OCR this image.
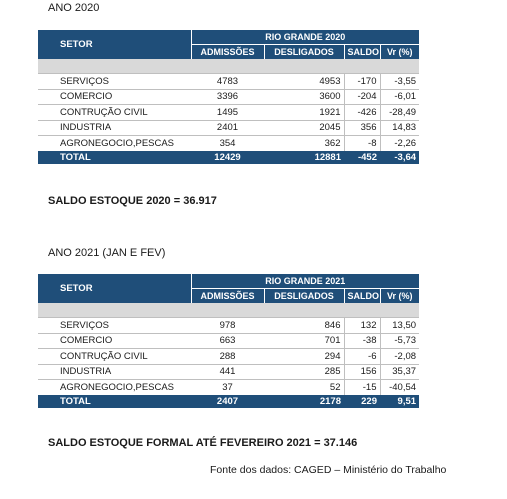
ANO 2020
SETOR	RIO GRANDE 2020			
	ADMISSÕES	DESLIGADOS	SALDO	Vr (%)

SERVIÇOS	4783	4953	-170	-3,55
COMERCIO	3396	3600	-204	-6,01
CONTRUÇÃO CIVIL	1495	1921	-426	-28,49
INDUSTRIA	2401	2045	356	14,83
AGRONEGOCIO,PESCAS	354	362	-8	-2,26
TOTAL	12429	12881	-452	-3,64
SALDO ESTOQUE 2020 = 36.917
ANO 2021 (JAN E FEV)
SETOR	RIO GRANDE 2021			
	ADMISSÕES	DESLIGADOS	SALDO	Vr (%)

SERVIÇOS	978	846	132	13,50
COMERCIO	663	701	-38	-5,73
CONTRUÇÃO CIVIL	288	294	-6	-2,08
INDUSTRIA	441	285	156	35,37
AGRONEGOCIO,PESCAS	37	52	-15	-40,54
TOTAL	2407	2178	229	9,51
SALDO ESTOQUE FORMAL ATÉ FEVEREIRO 2021 = 37.146
Fonte dos dados: CAGED – Ministério do Trabalho
